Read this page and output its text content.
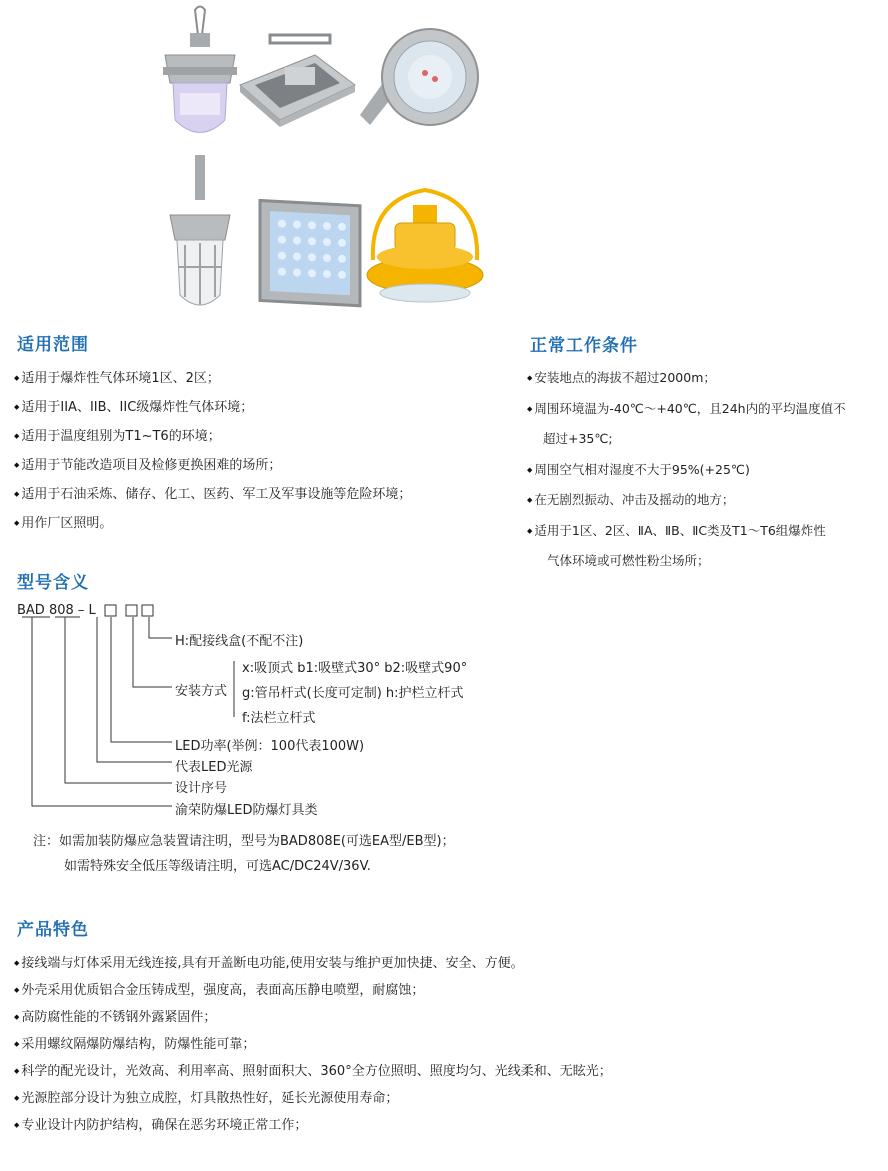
适用范围
◆ 适用于爆炸性气体环境1区、2区；
◆ 适用于IIA、IIB、IIC级爆炸性气体环境；
◆ 适用于温度组别为T1~T6的环境；
◆ 适用于节能改造项目及检修更换困难的场所；
◆ 适用于石油采炼、储存、化工、医药、军工及军事设施等危险环境；
◆ 用作厂区照明。
正常工作条件
◆ 安装地点的海拔不超过2000m；
◆ 周围环境温为-40℃～+40℃，且24h内的平均温度值不
超过+35℃;
◆ 周围空气相对湿度不大于95%(+25℃)
◆ 在无剧烈振动、冲击及摇动的地方；
◆ 适用于1区、2区、ⅡA、ⅡB、ⅡC类及T1～T6组爆炸性
气体环境或可燃性粉尘场所；
型号含义
BAD 808 – L
H:配接线盒(不配不注)
安装方式
x:吸顶式 b1:吸壁式30° b2:吸壁式90°
g:管吊杆式(长度可定制) h:护栏立杆式
f:法栏立杆式
LED功率(举例：100代表100W)
代表LED光源
设计序号
渝荣防爆LED防爆灯具类
注：如需加装防爆应急装置请注明，型号为BAD808E(可选EA型/EB型)；
如需特殊安全低压等级请注明，可选AC/DC24V/36V.
产品特色
◆ 接线端与灯体采用无线连接,具有开盖断电功能,使用安装与维护更加快捷、安全、方便。
◆ 外壳采用优质铝合金压铸成型，强度高，表面高压静电喷塑，耐腐蚀；
◆ 高防腐性能的不锈钢外露紧固件；
◆ 采用螺纹隔爆防爆结构，防爆性能可靠；
◆ 科学的配光设计，光效高、利用率高、照射面积大、360°全方位照明、照度均匀、光线柔和、无眩光；
◆ 光源腔部分设计为独立成腔，灯具散热性好，延长光源使用寿命；
◆ 专业设计内防护结构，确保在恶劣环境正常工作；
